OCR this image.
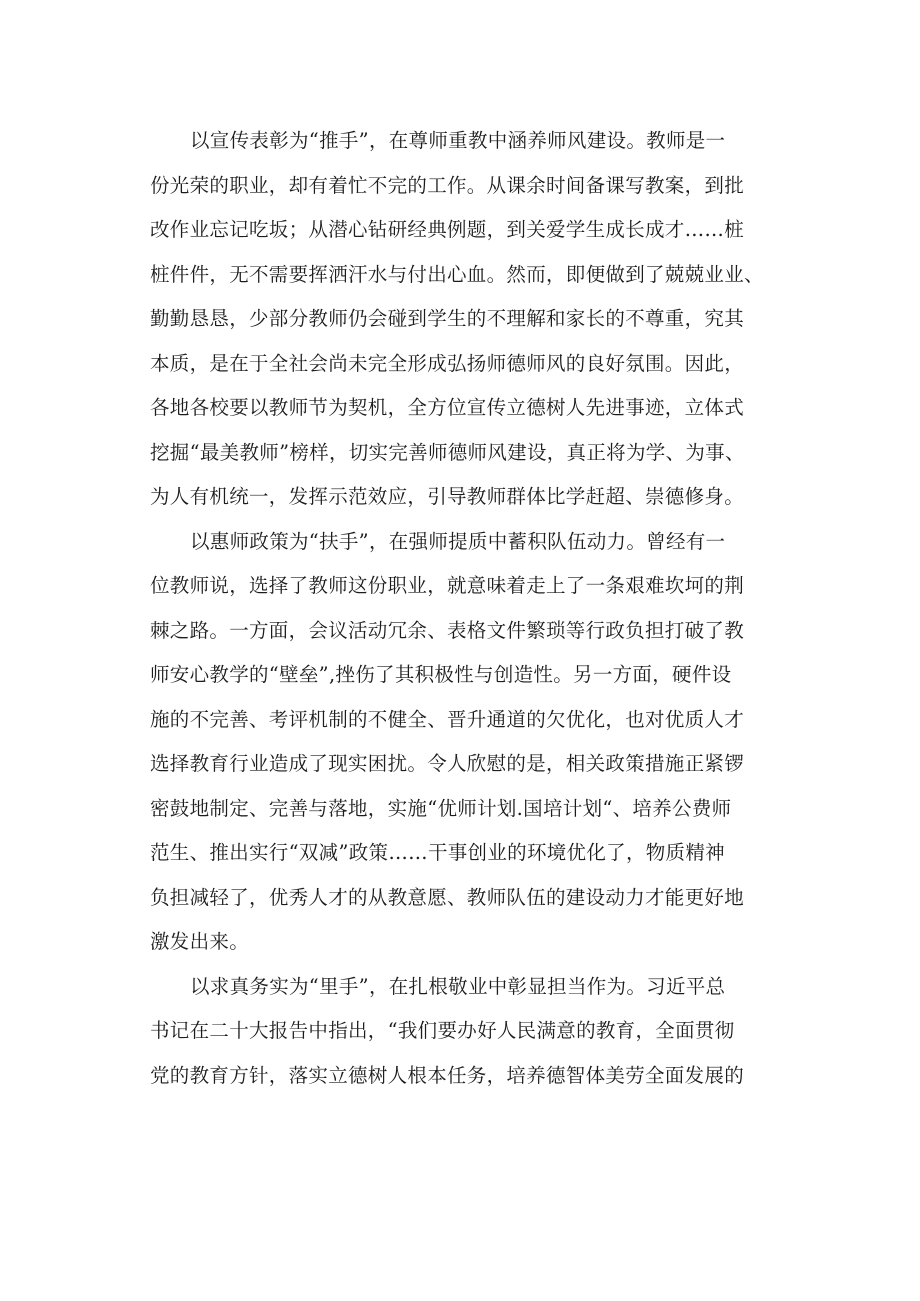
以宣传表彰为“推手”，在尊师重教中涵养师风建设。教师是一
份光荣的职业，却有着忙不完的工作。从课余时间备课写教案，到批
改作业忘记吃坂；从潜心钻研经典例题，到关爱学生成长成才……桩
桩件件，无不需要挥洒汗水与付出心血。然而，即便做到了兢兢业业、
勤勤恳恳，少部分教师仍会碰到学生的不理解和家长的不尊重，究其
本质，是在于全社会尚未完全形成弘扬师德师风的良好氛围。因此，
各地各校要以教师节为契机，全方位宣传立德树人先进事迹，立体式
挖掘“最美教师”榜样，切实完善师德师风建设，真正将为学、为事、
为人有机统一，发挥示范效应，引导教师群体比学赶超、崇德修身。
以惠师政策为“扶手”，在强师提质中蓄积队伍动力。曾经有一
位教师说，选择了教师这份职业，就意味着走上了一条艰难坎坷的荆
棘之路。一方面，会议活动冗余、表格文件繁琐等行政负担打破了教
师安心教学的“壁垒”,挫伤了其积极性与创造性。另一方面，硬件设
施的不完善、考评机制的不健全、晋升通道的欠优化，也对优质人才
选择教育行业造成了现实困扰。令人欣慰的是，相关政策措施正紧锣
密鼓地制定、完善与落地，实施“优师计划.国培计划“、培养公费师
范生、推出实行“双减”政策……干事创业的环境优化了，物质精神
负担减轻了，优秀人才的从教意愿、教师队伍的建设动力才能更好地
激发出来。
以求真务实为“里手”，在扎根敬业中彰显担当作为。习近平总
书记在二十大报告中指出，“我们要办好人民满意的教育，全面贯彻
党的教育方针，落实立德树人根本任务，培养德智体美劳全面发展的
